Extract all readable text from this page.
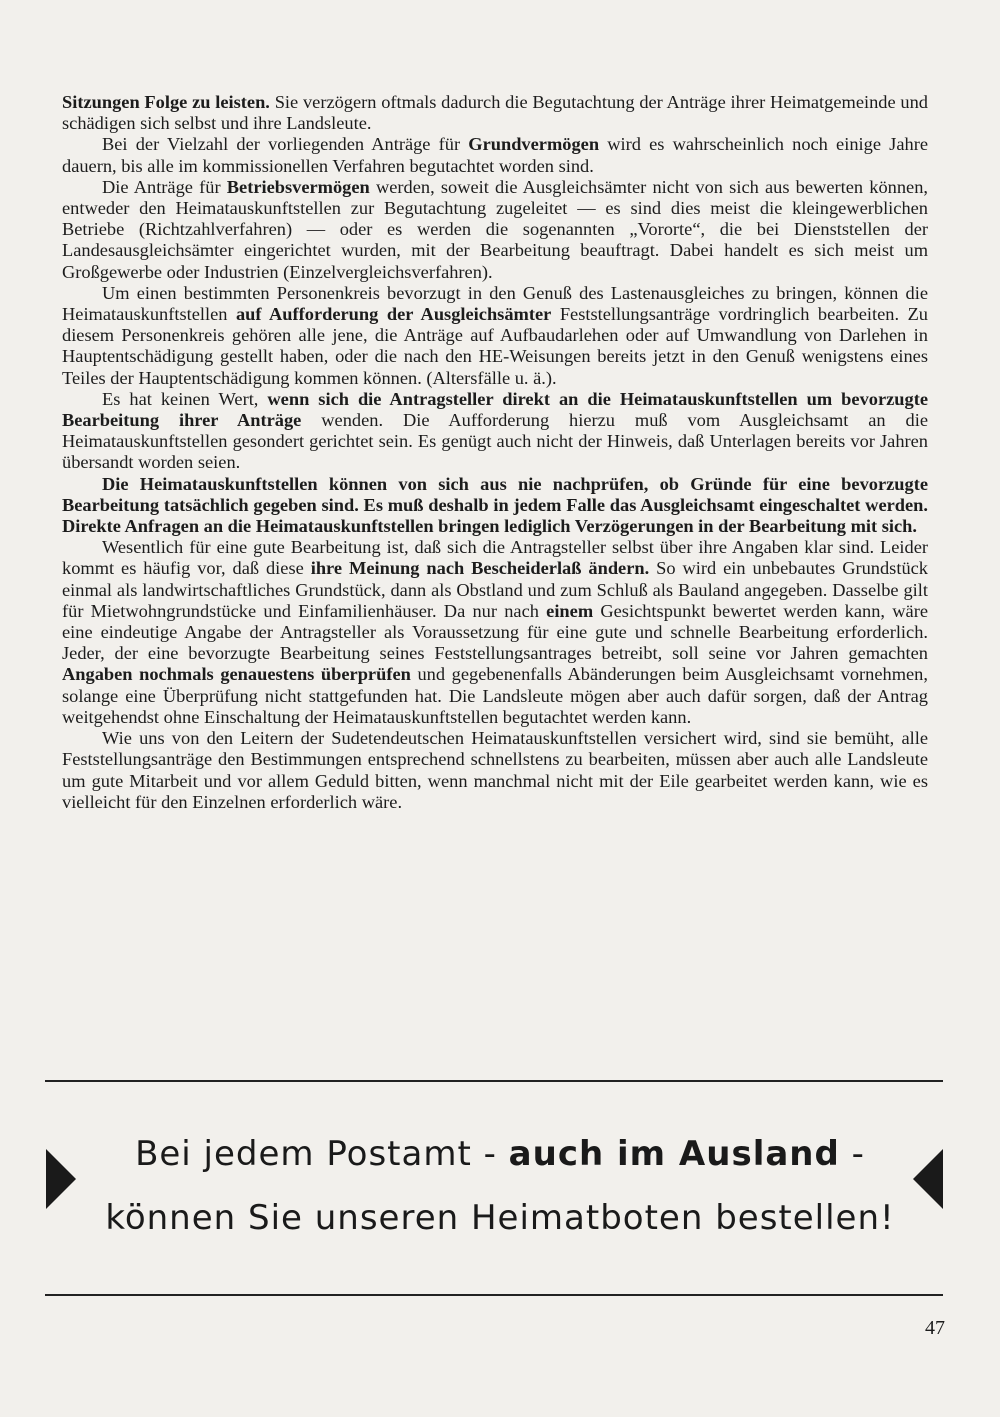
Sitzungen Folge zu leisten. Sie verzögern oftmals dadurch die Begutachtung der Anträge ihrer Heimatgemeinde und schädigen sich selbst und ihre Landsleute.

Bei der Vielzahl der vorliegenden Anträge für Grundvermögen wird es wahrscheinlich noch einige Jahre dauern, bis alle im kommissionellen Verfahren begutachtet worden sind.

Die Anträge für Betriebsvermögen werden, soweit die Ausgleichsämter nicht von sich aus bewerten können, entweder den Heimatauskunftstellen zur Begutachtung zugeleitet — es sind dies meist die kleingewerblichen Betriebe (Richtzahlverfahren) — oder es werden die sogenannten „Vororte“, die bei Dienststellen der Landesausgleichsämter eingerichtet wurden, mit der Bearbeitung beauftragt. Dabei handelt es sich meist um Großgewerbe oder Industrien (Einzelvergleichsverfahren).

Um einen bestimmten Personenkreis bevorzugt in den Genuß des Lastenausgleiches zu bringen, können die Heimatauskunftstellen auf Aufforderung der Ausgleichsämter Feststellungsanträge vordringlich bearbeiten. Zu diesem Personenkreis gehören alle jene, die Anträge auf Aufbaudarlehen oder auf Umwandlung von Darlehen in Hauptentschädigung gestellt haben, oder die nach den HE-Weisungen bereits jetzt in den Genuß wenigstens eines Teiles der Hauptentschädigung kommen können. (Altersfälle u. ä.).

Es hat keinen Wert, wenn sich die Antragsteller direkt an die Heimatauskunftstellen um bevorzugte Bearbeitung ihrer Anträge wenden. Die Aufforderung hierzu muß vom Ausgleichsamt an die Heimatauskunftstellen gesondert gerichtet sein. Es genügt auch nicht der Hinweis, daß Unterlagen bereits vor Jahren übersandt worden seien.

Die Heimatauskunftstellen können von sich aus nie nachprüfen, ob Gründe für eine bevorzugte Bearbeitung tatsächlich gegeben sind. Es muß deshalb in jedem Falle das Ausgleichsamt eingeschaltet werden. Direkte Anfragen an die Heimatauskunftstellen bringen lediglich Verzögerungen in der Bearbeitung mit sich.

Wesentlich für eine gute Bearbeitung ist, daß sich die Antragsteller selbst über ihre Angaben klar sind. Leider kommt es häufig vor, daß diese ihre Meinung nach Bescheiderlaß ändern. So wird ein unbebautes Grundstück einmal als landwirtschaftliches Grundstück, dann als Obstland und zum Schluß als Bauland angegeben. Dasselbe gilt für Mietwohngrundstücke und Einfamilienhäuser. Da nur nach einem Gesichtspunkt bewertet werden kann, wäre eine eindeutige Angabe der Antragsteller als Voraussetzung für eine gute und schnelle Bearbeitung erforderlich. Jeder, der eine bevorzugte Bearbeitung seines Feststellungsantrages betreibt, soll seine vor Jahren gemachten Angaben nochmals genauestens überprüfen und gegebenenfalls Abänderungen beim Ausgleichsamt vornehmen, solange eine Überprüfung nicht stattgefunden hat. Die Landsleute mögen aber auch dafür sorgen, daß der Antrag weitgehendst ohne Einschaltung der Heimatauskunftstellen begutachtet werden kann.

Wie uns von den Leitern der Sudetendeutschen Heimatauskunftstellen versichert wird, sind sie bemüht, alle Feststellungsanträge den Bestimmungen entsprechend schnellstens zu bearbeiten, müssen aber auch alle Landsleute um gute Mitarbeit und vor allem Geduld bitten, wenn manchmal nicht mit der Eile gearbeitet werden kann, wie es vielleicht für den Einzelnen erforderlich wäre.

Bei jedem Postamt - auch im Ausland -
können Sie unseren Heimatboten bestellen!
47
